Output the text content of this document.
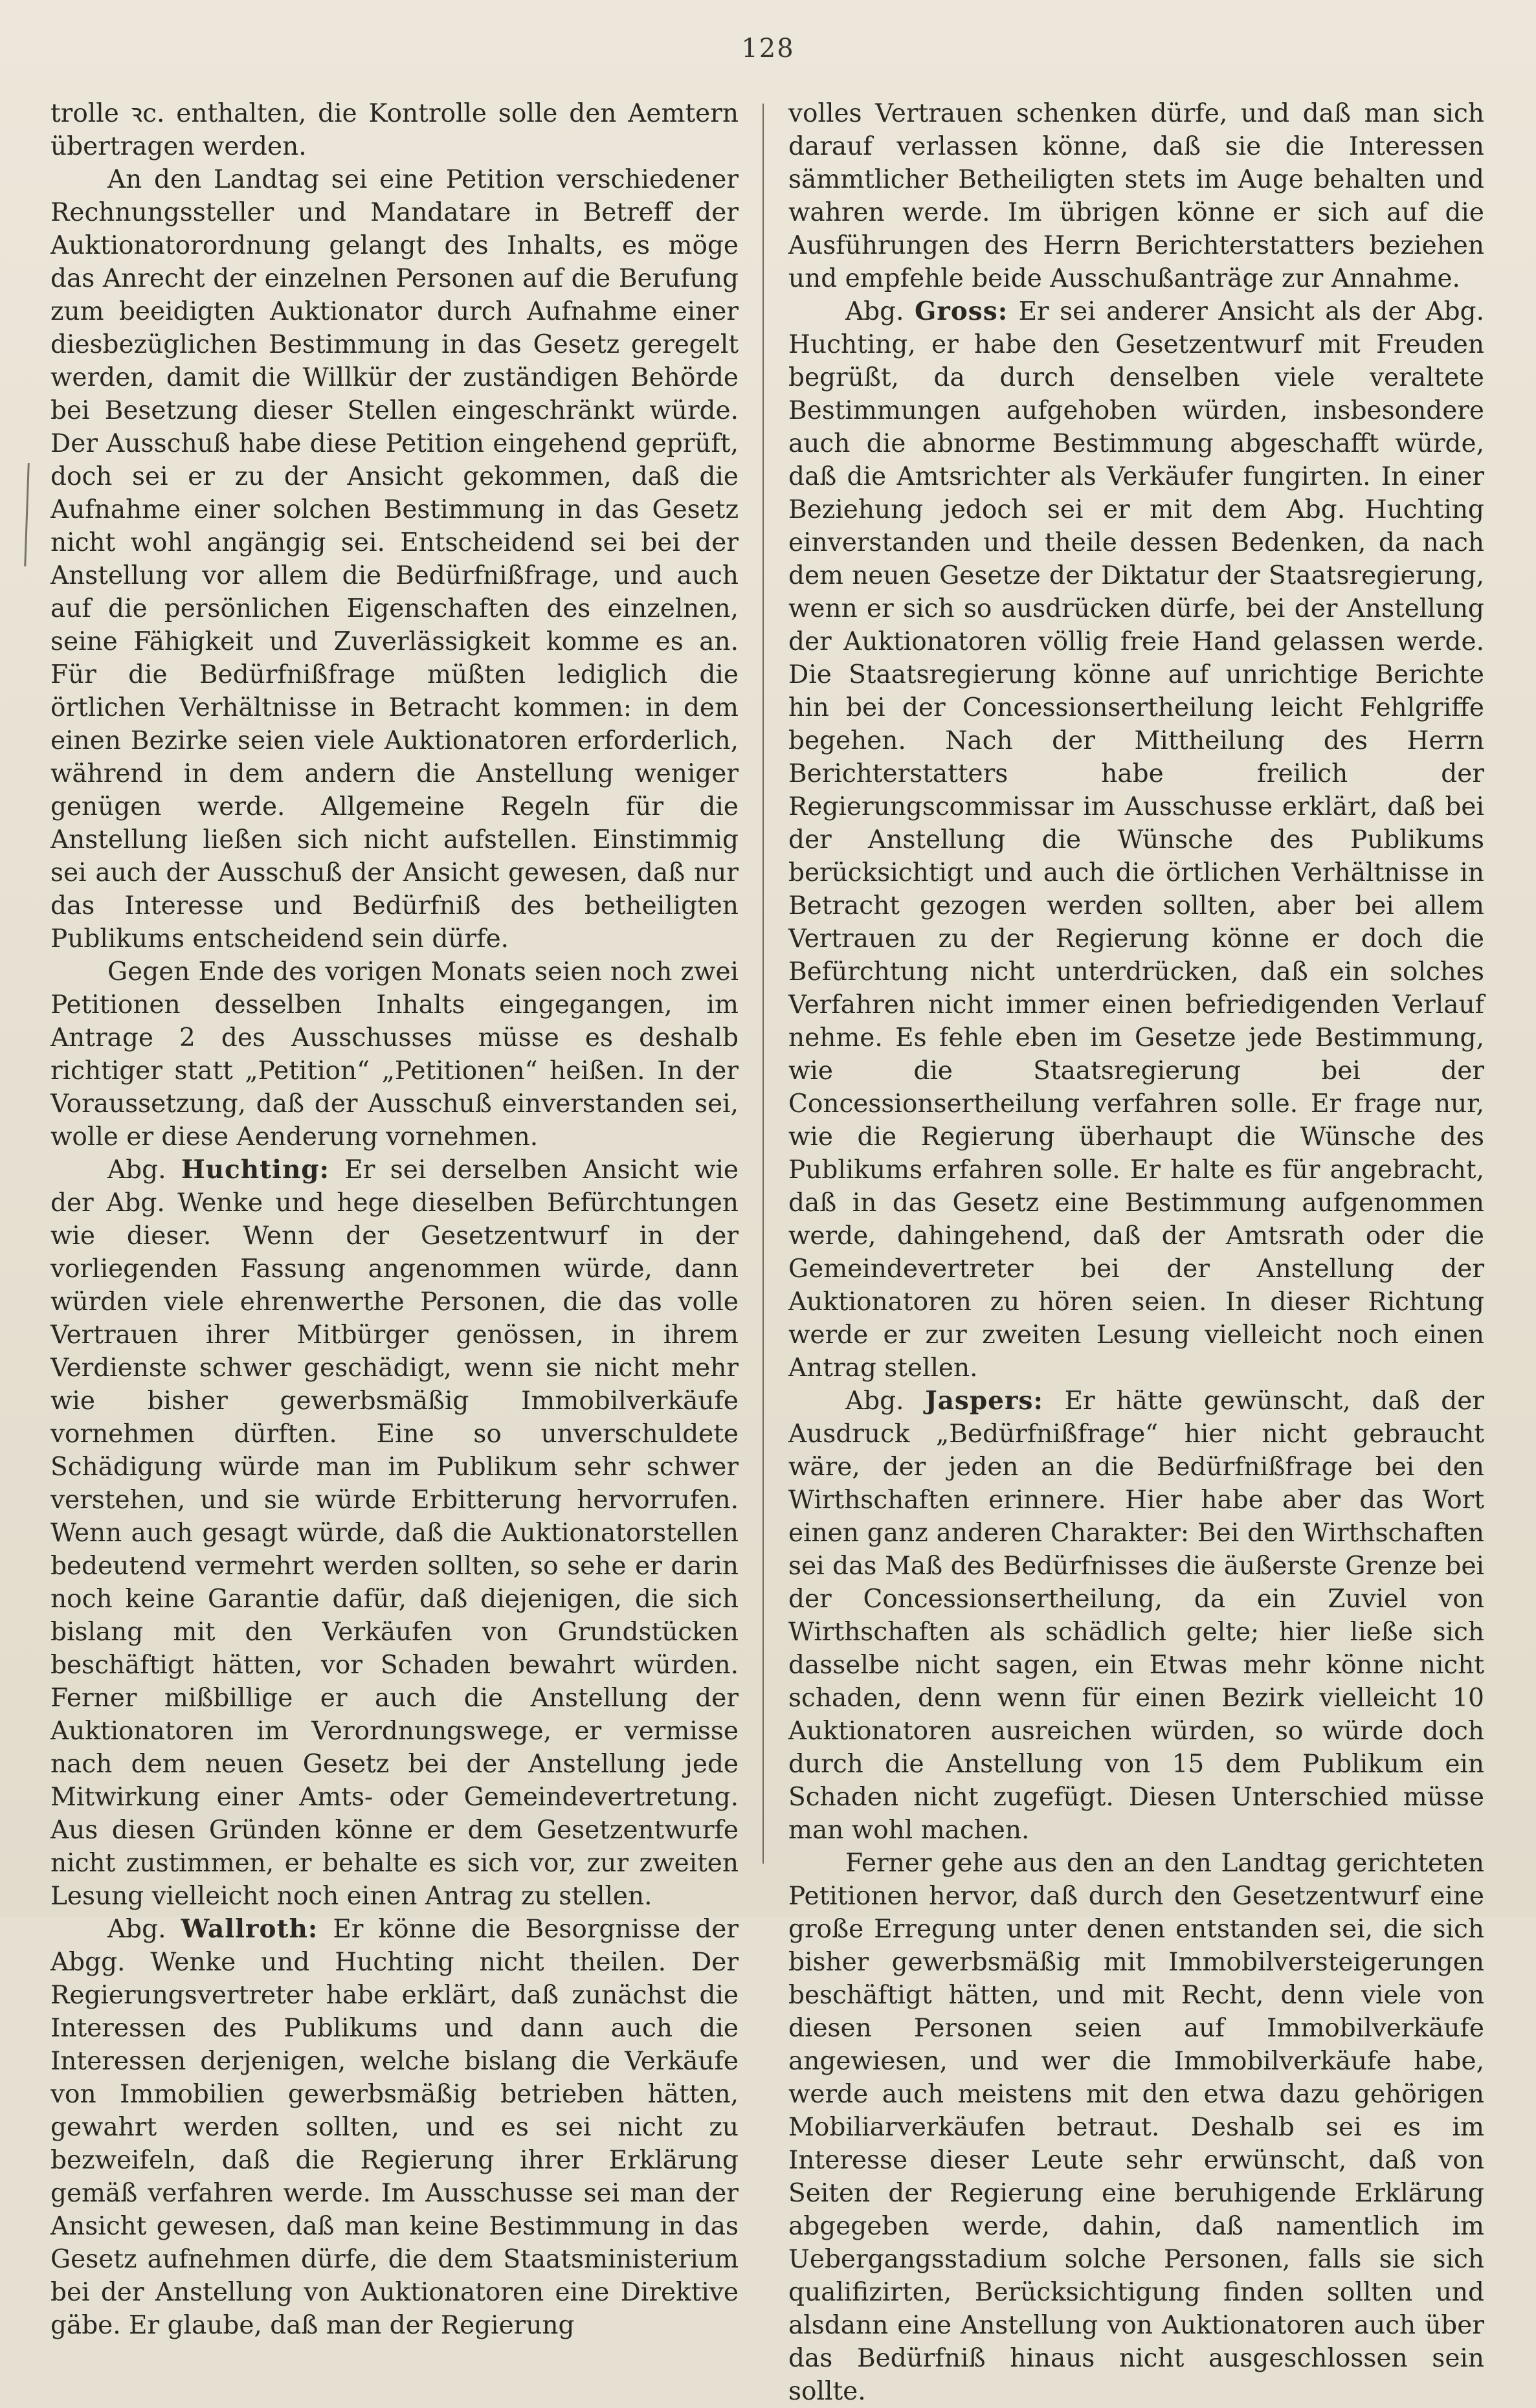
128

trolle ꝛc. enthalten, die Kontrolle solle den Aemtern übertragen werden.

An den Landtag sei eine Petition verschiedener Rechnungssteller und Mandatare in Betreff der Auktionatorordnung gelangt des Inhalts, es möge das Anrecht der einzelnen Personen auf die Berufung zum beeidigten Auktionator durch Aufnahme einer diesbezüglichen Bestimmung in das Gesetz geregelt werden, damit die Willkür der zuständigen Behörde bei Besetzung dieser Stellen eingeschränkt würde. Der Ausschuß habe diese Petition eingehend geprüft, doch sei er zu der Ansicht gekommen, daß die Aufnahme einer solchen Bestimmung in das Gesetz nicht wohl angängig sei. Entscheidend sei bei der Anstellung vor allem die Bedürfnißfrage, und auch auf die persönlichen Eigenschaften des einzelnen, seine Fähigkeit und Zuverlässigkeit komme es an. Für die Bedürfnißfrage müßten lediglich die örtlichen Verhältnisse in Betracht kommen: in dem einen Bezirke seien viele Auktionatoren erforderlich, während in dem andern die Anstellung weniger genügen werde. Allgemeine Regeln für die Anstellung ließen sich nicht aufstellen. Einstimmig sei auch der Ausschuß der Ansicht gewesen, daß nur das Interesse und Bedürfniß des betheiligten Publikums entscheidend sein dürfe.

Gegen Ende des vorigen Monats seien noch zwei Petitionen desselben Inhalts eingegangen, im Antrage 2 des Ausschusses müsse es deshalb richtiger statt „Petition“ „Petitionen“ heißen. In der Voraussetzung, daß der Ausschuß einverstanden sei, wolle er diese Aenderung vornehmen.

Abg. Huchting: Er sei derselben Ansicht wie der Abg. Wenke und hege dieselben Befürchtungen wie dieser. Wenn der Gesetzentwurf in der vorliegenden Fassung angenommen würde, dann würden viele ehrenwerthe Personen, die das volle Vertrauen ihrer Mitbürger genössen, in ihrem Verdienste schwer geschädigt, wenn sie nicht mehr wie bisher gewerbsmäßig Immobilverkäufe vornehmen dürften. Eine so unverschuldete Schädigung würde man im Publikum sehr schwer verstehen, und sie würde Erbitterung hervorrufen. Wenn auch gesagt würde, daß die Auktionatorstellen bedeutend vermehrt werden sollten, so sehe er darin noch keine Garantie dafür, daß diejenigen, die sich bislang mit den Verkäufen von Grundstücken beschäftigt hätten, vor Schaden bewahrt würden. Ferner mißbillige er auch die Anstellung der Auktionatoren im Verordnungswege, er vermisse nach dem neuen Gesetz bei der Anstellung jede Mitwirkung einer Amts- oder Gemeindevertretung. Aus diesen Gründen könne er dem Gesetzentwurfe nicht zustimmen, er behalte es sich vor, zur zweiten Lesung vielleicht noch einen Antrag zu stellen.

Abg. Wallroth: Er könne die Besorgnisse der Abgg. Wenke und Huchting nicht theilen. Der Regierungsvertreter habe erklärt, daß zunächst die Interessen des Publikums und dann auch die Interessen derjenigen, welche bislang die Verkäufe von Immobilien gewerbsmäßig betrieben hätten, gewahrt werden sollten, und es sei nicht zu bezweifeln, daß die Regierung ihrer Erklärung gemäß verfahren werde. Im Ausschusse sei man der Ansicht gewesen, daß man keine Bestimmung in das Gesetz aufnehmen dürfe, die dem Staatsministerium bei der Anstellung von Auktionatoren eine Direktive gäbe. Er glaube, daß man der Regierung

volles Vertrauen schenken dürfe, und daß man sich darauf verlassen könne, daß sie die Interessen sämmtlicher Betheiligten stets im Auge behalten und wahren werde. Im übrigen könne er sich auf die Ausführungen des Herrn Berichterstatters beziehen und empfehle beide Ausschußanträge zur Annahme.

Abg. Gross: Er sei anderer Ansicht als der Abg. Huchting, er habe den Gesetzentwurf mit Freuden begrüßt, da durch denselben viele veraltete Bestimmungen aufgehoben würden, insbesondere auch die abnorme Bestimmung abgeschafft würde, daß die Amtsrichter als Verkäufer fungirten. In einer Beziehung jedoch sei er mit dem Abg. Huchting einverstanden und theile dessen Bedenken, da nach dem neuen Gesetze der Diktatur der Staatsregierung, wenn er sich so ausdrücken dürfe, bei der Anstellung der Auktionatoren völlig freie Hand gelassen werde. Die Staatsregierung könne auf unrichtige Berichte hin bei der Concessionsertheilung leicht Fehlgriffe begehen. Nach der Mittheilung des Herrn Berichterstatters habe freilich der Regierungscommissar im Ausschusse erklärt, daß bei der Anstellung die Wünsche des Publikums berücksichtigt und auch die örtlichen Verhältnisse in Betracht gezogen werden sollten, aber bei allem Vertrauen zu der Regierung könne er doch die Befürchtung nicht unterdrücken, daß ein solches Verfahren nicht immer einen befriedigenden Verlauf nehme. Es fehle eben im Gesetze jede Bestimmung, wie die Staatsregierung bei der Concessionsertheilung verfahren solle. Er frage nur, wie die Regierung überhaupt die Wünsche des Publikums erfahren solle. Er halte es für angebracht, daß in das Gesetz eine Bestimmung aufgenommen werde, dahingehend, daß der Amtsrath oder die Gemeindevertreter bei der Anstellung der Auktionatoren zu hören seien. In dieser Richtung werde er zur zweiten Lesung vielleicht noch einen Antrag stellen.

Abg. Jaspers: Er hätte gewünscht, daß der Ausdruck „Bedürfnißfrage“ hier nicht gebraucht wäre, der jeden an die Bedürfnißfrage bei den Wirthschaften erinnere. Hier habe aber das Wort einen ganz anderen Charakter: Bei den Wirthschaften sei das Maß des Bedürfnisses die äußerste Grenze bei der Concessionsertheilung, da ein Zuviel von Wirthschaften als schädlich gelte; hier ließe sich dasselbe nicht sagen, ein Etwas mehr könne nicht schaden, denn wenn für einen Bezirk vielleicht 10 Auktionatoren ausreichen würden, so würde doch durch die Anstellung von 15 dem Publikum ein Schaden nicht zugefügt. Diesen Unterschied müsse man wohl machen.

Ferner gehe aus den an den Landtag gerichteten Petitionen hervor, daß durch den Gesetzentwurf eine große Erregung unter denen entstanden sei, die sich bisher gewerbsmäßig mit Immobilversteigerungen beschäftigt hätten, und mit Recht, denn viele von diesen Personen seien auf Immobilverkäufe angewiesen, und wer die Immobilverkäufe habe, werde auch meistens mit den etwa dazu gehörigen Mobiliarverkäufen betraut. Deshalb sei es im Interesse dieser Leute sehr erwünscht, daß von Seiten der Regierung eine beruhigende Erklärung abgegeben werde, dahin, daß namentlich im Uebergangsstadium solche Personen, falls sie sich qualifizirten, Berücksichtigung finden sollten und alsdann eine Anstellung von Auktionatoren auch über das Bedürfniß hinaus nicht ausgeschlossen sein sollte.
